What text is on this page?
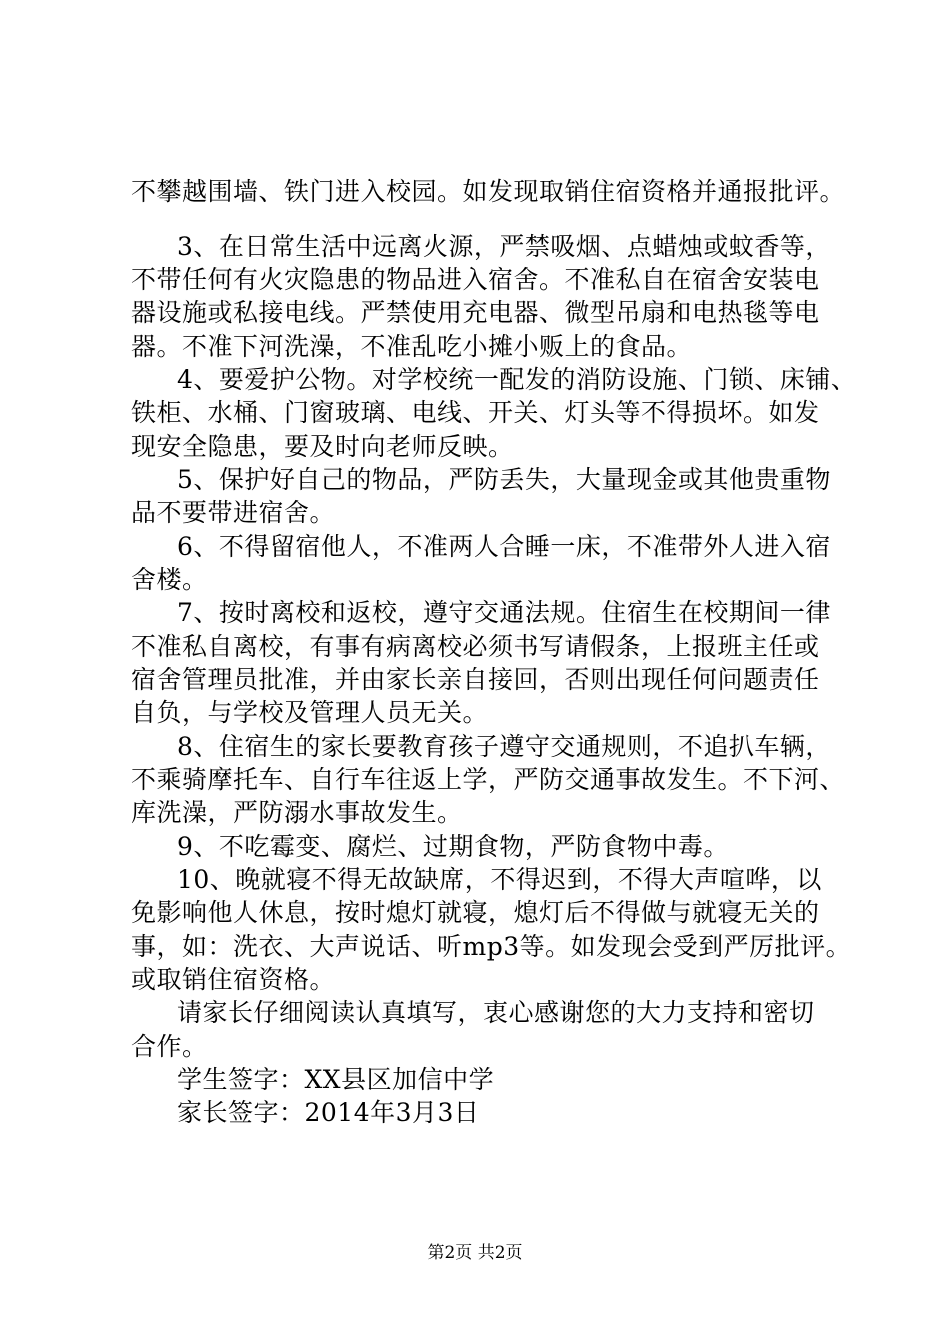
不攀越围墙、铁门进入校园。如发现取销住宿资格并通报批评。
3、在日常生活中远离火源，严禁吸烟、点蜡烛或蚊香等，
不带任何有火灾隐患的物品进入宿舍。不准私自在宿舍安装电
器设施或私接电线。严禁使用充电器、微型吊扇和电热毯等电
器。不准下河洗澡，不准乱吃小摊小贩上的食品。
4、要爱护公物。对学校统一配发的消防设施、门锁、床铺、
铁柜、水桶、门窗玻璃、电线、开关、灯头等不得损坏。如发
现安全隐患，要及时向老师反映。
5、保护好自己的物品，严防丢失，大量现金或其他贵重物
品不要带进宿舍。
6、不得留宿他人，不准两人合睡一床，不准带外人进入宿
舍楼。
7、按时离校和返校，遵守交通法规。住宿生在校期间一律
不准私自离校，有事有病离校必须书写请假条，上报班主任或
宿舍管理员批准，并由家长亲自接回，否则出现任何问题责任
自负，与学校及管理人员无关。
8、住宿生的家长要教育孩子遵守交通规则，不追扒车辆，
不乘骑摩托车、自行车往返上学，严防交通事故发生。不下河、
库洗澡，严防溺水事故发生。
9、不吃霉变、腐烂、过期食物，严防食物中毒。
10、晚就寝不得无故缺席，不得迟到，不得大声喧哗，以
免影响他人休息，按时熄灯就寝，熄灯后不得做与就寝无关的
事，如：洗衣、大声说话、听mp3等。如发现会受到严厉批评。
或取销住宿资格。
请家长仔细阅读认真填写，衷心感谢您的大力支持和密切
合作。
学生签字：XX县区加信中学
家长签字：2014年3月3日
第2页 共2页
